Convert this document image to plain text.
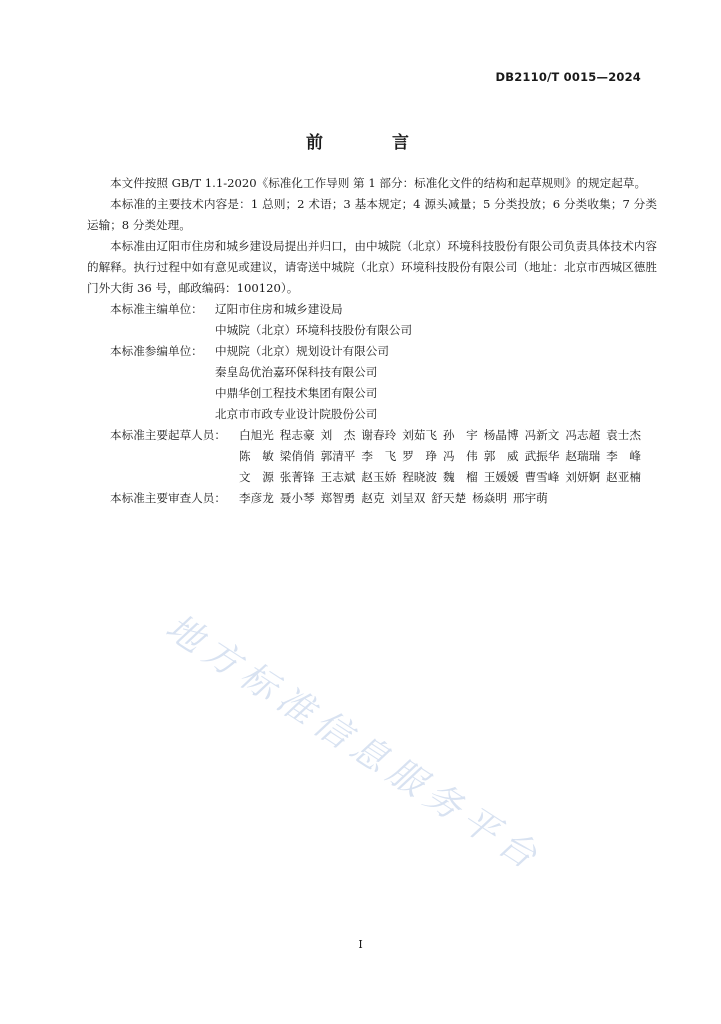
DB2110/T 0015—2024
前　言

本文件按照 GB/T 1.1-2020《标准化工作导则 第 1 部分：标准化文件的结构和起草规则》的规定起草。

本标准的主要技术内容是：1 总则；2 术语；3 基本规定；4 源头减量；5 分类投放；6 分类收集；7 分类运输；8 分类处理。

本标准由辽阳市住房和城乡建设局提出并归口，由中城院（北京）环境科技股份有限公司负责具体技术内容的解释。执行过程中如有意见或建议，请寄送中城院（北京）环境科技股份有限公司（地址：北京市西城区德胜门外大街 36 号，邮政编码：100120）。

本标准主编单位：	辽阳市住房和城乡建设局
中城院（北京）环境科技股份有限公司
本标准参编单位：	中规院（北京）规划设计有限公司
秦皇岛优治嘉环保科技有限公司
中鼎华创工程技术集团有限公司
北京市市政专业设计院股份公司
本标准主要起草人员：	白旭光 程志豪 刘　杰 谢春玲 刘茹飞 孙　宇 杨晶博 冯新文 冯志超 袁士杰
陈　敏 梁俏俏 郭清平 李　飞 罗　琤 冯　伟 郭　威 武振华 赵瑞瑞 李　峰
文　源 张菁锋 王志斌 赵玉娇 程晓波 魏　榴 王媛媛 曹雪峰 刘妍婀 赵亚楠
本标准主要审查人员：	李彦龙 聂小琴 郑智勇 赵克 刘呈双 舒天楚 杨焱明 邢宇萌
地方标准信息服务平台
I
